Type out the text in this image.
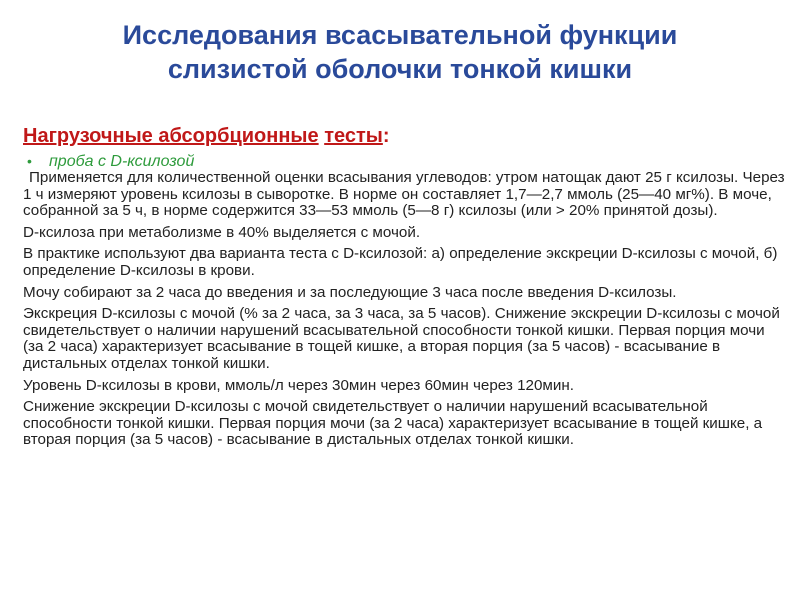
Исследования всасывательной функции
слизистой оболочки тонкой кишки
Нагрузочные абсорбционные тесты:
•	проба с D-ксилозой

Применяется для количественной оценки всасывания углеводов: утром натощак дают 25 г ксилозы. Через 1 ч измеряют уровень ксилозы в сыворотке. В норме он составляет 1,7—2,7 ммоль (25—40 мг%). В моче, собранной за 5 ч, в норме содержится 33—53 ммоль (5—8 г) ксилозы (или > 20% принятой дозы).

D-ксилоза при метаболизме в 40% выделяется с мочой.

В практике используют два варианта теста с D-ксилозой: а) определение экскреции D-ксилозы с мочой, б) определение D-ксилозы в крови.

Мочу собирают за 2 часа до введения и за последующие 3 часа после введения D-ксилозы.

Экскреция D-ксилозы с мочой (% за 2 часа, за 3 часа, за 5 часов). Снижение экскреции D-ксилозы с мочой свидетельствует о наличии нарушений всасывательной способности тонкой кишки. Первая порция мочи (за 2 часа) характеризует всасывание в тощей кишке, а вторая порция (за 5 часов) - всасывание в дистальных отделах тонкой кишки.

Уровень D-ксилозы в крови, ммоль/л через 30мин через 60мин через 120мин.

Снижение экскреции D-ксилозы с мочой свидетельствует о наличии нарушений всасывательной способности тонкой кишки. Первая порция мочи (за 2 часа) характеризует всасывание в тощей кишке, а вторая порция (за 5 часов) - всасывание в дистальных отделах тонкой кишки.
